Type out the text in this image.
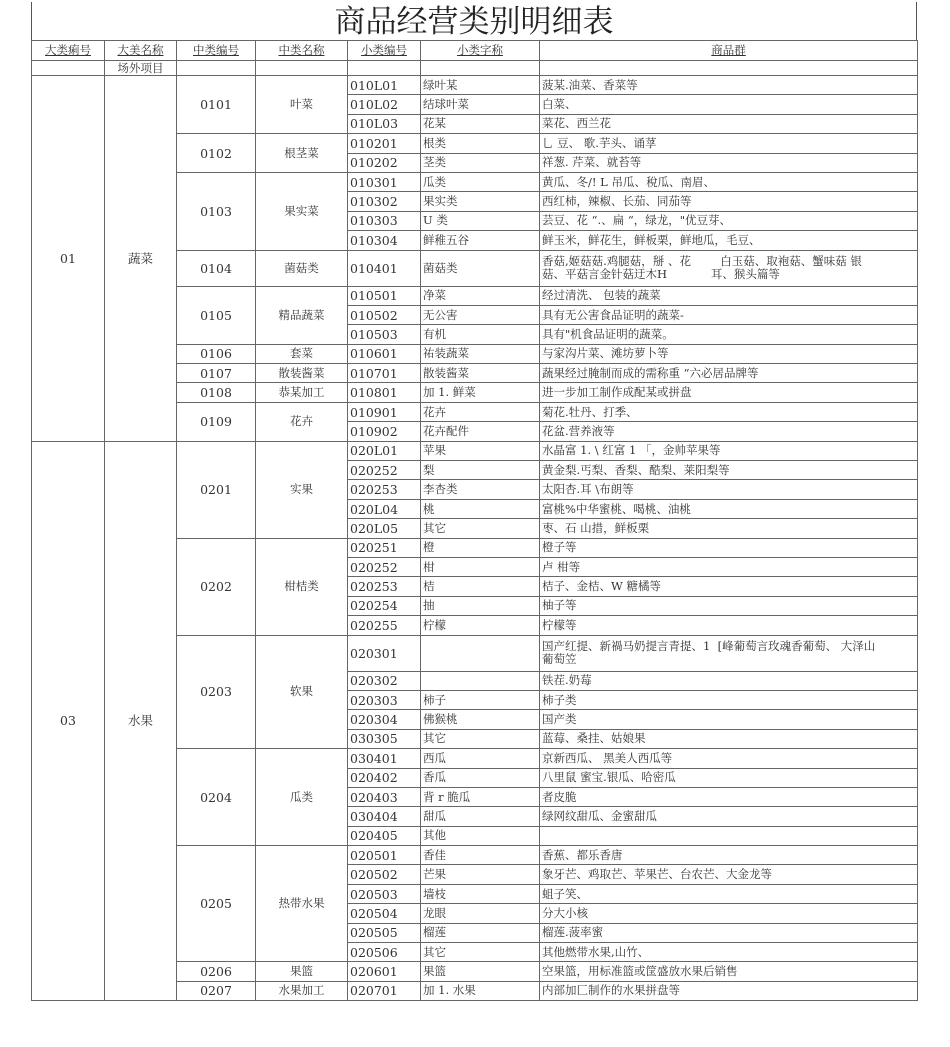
商品经营类别明细表
大类痢号	大美名称	中类编号	中类名称	小类编号	小类字称	商品群
	场外项目					
01	蔬菜	0101	叶菜	010L01	绿叶某	菠某.油菜、香菜等
				010L02	结球叶菜	白菜、
				010L03	花某	菜花、西兰花
		0102	根茎菜	010201	根类	乚 豆、 歌.芋头、诵莩
				010202	茎类	祥葱. 芹菜、就苔等
		0103	果实菜	010301	瓜类	黄瓜、冬/! L 吊瓜、稅瓜、南眉、
				010302	果实类	西红柿，辣椒、长茄、同茄等
				010303	U 类	芸豆、花 “.、扁 “，绿龙，"优豆芽、
				010304	鲜稚五谷	鲜玉米，鲜花生，鲜板栗，鲜地瓜，毛豆、
		0104	菌菇类	010401	菌菇类	香菇,姬菇菇.鸡腿菇，掰 、花        白玉菇、取袍菇、蟹味菇 银
菇、平菇言金针菇迂木H            耳、猴头篇等
		0105	精品蔬菜	010501	净菜	经过清洗、 包装的蔬菜
				010502	无公害	具有无公害食品证明的蔬菜-
				010503	有机	具有"机食品证明的蔬菜。
		0106	套菜	010601	祐装蔬菜	与家沟片菜、滩坊萝卜等
		0107	散装酱菜	010701	散装酱菜	蔬果经过腌制而成的需称重 “六必居品牌等
		0108	恭某加工	010801	加 1. 鲜菜	进一步加工制作成配某或拼盘
		0109	花卉	010901	花卉	菊花.牡丹、打季、
				010902	花卉配件	花盆.营养液等
03	水果	0201	实果	020L01	苹果	水晶富 1. \ 红富 1 「，金帅苹果等
				020252	梨	黄金梨.丐梨、香梨、酷梨、莱阳梨等
				020253	李杏类	太阳杏.耳 \布朗等
				020L04	桃	富桃%中华蜜桃、喝桃、油桃
				020L05	其它	枣、石 山措，鲜板栗
		0202	柑桔类	020251	橙	橙子等
				020252	柑	卢 柑等
				020253	桔	桔子、金桔、W 糖橘等
				020254	抽	柚子等
				020255	柠檬	柠檬等
		0203	软果	020301		国产红提、新禍马奶提言青提、1  [峰葡萄言玫魂香葡萄、 大泽山
葡萄笠
				020302		铁茬.奶莓
				020303	柿子	柿子类
				020304	佛猴桃	国产类
				030305	其它	蓝莓、桑挂、姑娘果
		0204	瓜类	030401	西瓜	京新西瓜、 黑美人西瓜等
				020402	香瓜	八里鼠 蜜宝.银瓜、哈密瓜
				020403	背 r 脆瓜	者皮脆
				030404	甜瓜	绿网纹甜瓜、金蜜甜瓜
				020405	其他	
		0205	热带水果	020501	香佳	香蕉、都乐香唐
				020502	芒果	象牙芒、鸡取芒、苹果芒、台农芒、大金龙等
				020503	墙枝	蛆子笑、
				020504	龙眼	分大小核
				020505	榴莲	榴莲.菠率蜜
				020506	其它	其他燃带水果,山竹、
		0206	果篮	020601	果篮	空果篮，用标准篮或筐盛放水果后销售
		0207	水果加工	020701	加 1. 水果	内部加匚制作的水果拼盘等
